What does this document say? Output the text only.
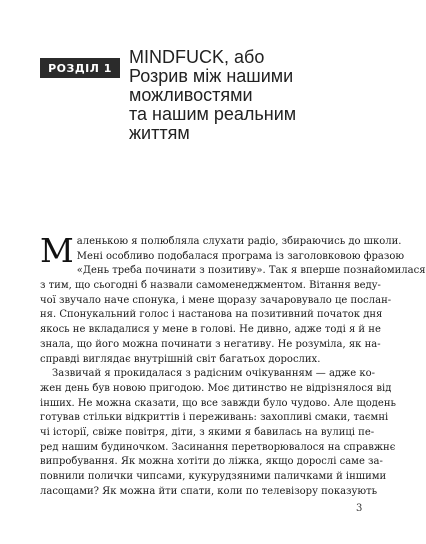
РОЗДІЛ 1
MINDFUCK, або
Розрив між нашими
можливостями
та нашим реальним
життям
М аленькою я полюбляла слухати радіо, збираючись до школи.
Мені особливо подобалася програма із заголовковою фразою
«День треба починати з позитиву». Так я вперше познайомилася
з тим, що сьогодні б назвали самоменеджментом. Вітання веду-
чої звучало наче спонука, і мене щоразу зачаровувало це послан-
ня. Спонукальний голос і настанова на позитивний початок дня
якось не вкладалися у мене в голові. Не дивно, адже тоді я й не
знала, що його можна починати з негативу. Не розуміла, як на-
справді виглядає внутрішній світ багатьох дорослих.
Зазвичай я прокидалася з радісним очікуванням — адже ко-
жен день був новою пригодою. Моє дитинство не відрізнялося від
інших. Не можна сказати, що все завжди було чудово. Але щодень
готував стільки відкриттів і переживань: захопливі смаки, таємні
чі історії, свіже повітря, діти, з якими я бавилась на вулиці пе-
ред нашим будиночком. Засинання перетворювалося на справжнє
випробування. Як можна хотіти до ліжка, якщо дорослі саме за-
повнили полички чипсами, кукурудзяними паличками й іншими
ласощами? Як можна йти спати, коли по телевізору показують
3
